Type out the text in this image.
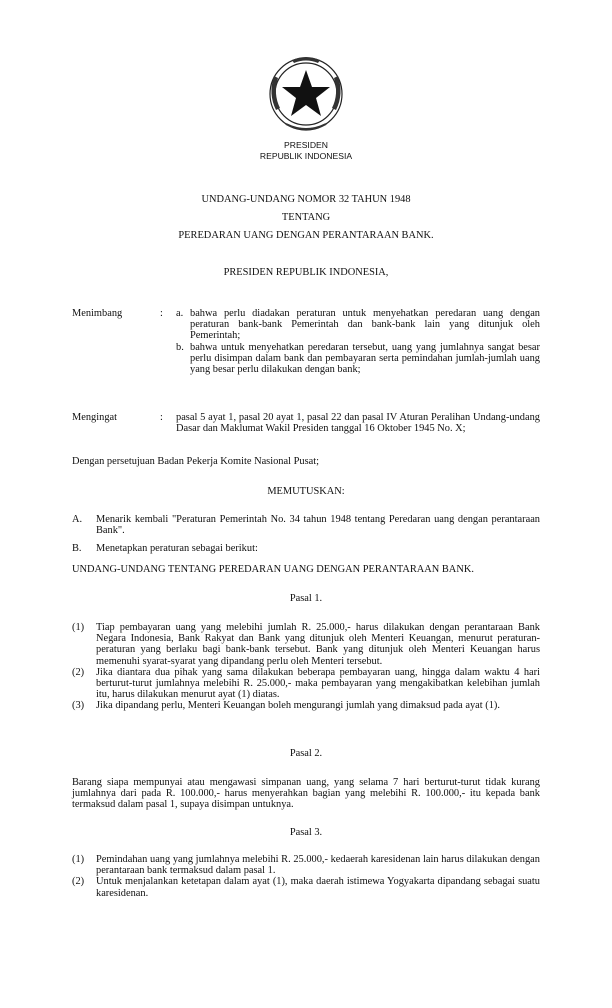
PRESIDEN
REPUBLIK INDONESIA
UNDANG-UNDANG NOMOR 32 TAHUN 1948
TENTANG
PEREDARAN UANG DENGAN PERANTARAAN BANK.
PRESIDEN REPUBLIK INDONESIA,
Menimbang	: a. bahwa perlu diadakan peraturan untuk menyehatkan peredaran uang dengan peraturan bank-bank Pemerintah dan bank-bank lain yang ditunjuk oleh Pemerintah;
b. bahwa untuk menyehatkan peredaran tersebut, uang yang jumlahnya sangat besar perlu disimpan dalam bank dan pembayaran serta pemindahan jumlah-jumlah uang yang besar perlu dilakukan dengan bank;
Mengingat	: pasal 5 ayat 1, pasal 20 ayat 1, pasal 22 dan pasal IV Aturan Peralihan Undang-undang Dasar dan Maklumat Wakil Presiden tanggal 16 Oktober 1945 No. X;
Dengan persetujuan Badan Pekerja Komite Nasional Pusat;
MEMUTUSKAN:
A. Menarik kembali "Peraturan Pemerintah No. 34 tahun 1948 tentang Peredaran uang dengan perantaraan Bank".
B. Menetapkan peraturan sebagai berikut:
UNDANG-UNDANG TENTANG PEREDARAN UANG DENGAN PERANTARAAN BANK.
Pasal 1.
(1) Tiap pembayaran uang yang melebihi jumlah R. 25.000,- harus dilakukan dengan perantaraan Bank Negara Indonesia, Bank Rakyat dan Bank yang ditunjuk oleh Menteri Keuangan, menurut peraturan-peraturan yang berlaku bagi bank-bank tersebut. Bank yang ditunjuk oleh Menteri Keuangan harus memenuhi syarat-syarat yang dipandang perlu oleh Menteri tersebut.
(2) Jika diantara dua pihak yang sama dilakukan beberapa pembayaran uang, hingga dalam waktu 4 hari berturut-turut jumlahnya melebihi R. 25.000,- maka pembayaran yang mengakibatkan kelebihan jumlah itu, harus dilakukan menurut ayat (1) diatas.
(3) Jika dipandang perlu, Menteri Keuangan boleh mengurangi jumlah yang dimaksud pada ayat (1).
Pasal 2.
Barang siapa mempunyai atau mengawasi simpanan uang, yang selama 7 hari berturut-turut tidak kurang jumlahnya dari pada R. 100.000,- harus menyerahkan bagian yang melebihi R. 100.000,- itu kepada bank termaksud dalam pasal 1, supaya disimpan untuknya.
Pasal 3.
(1) Pemindahan uang yang jumlahnya melebihi R. 25.000,- kedaerah karesidenan lain harus dilakukan dengan perantaraan bank termaksud dalam pasal 1.
(2) Untuk menjalankan ketetapan dalam ayat (1), maka daerah istimewa Yogyakarta dipandang sebagai suatu karesidenan.
